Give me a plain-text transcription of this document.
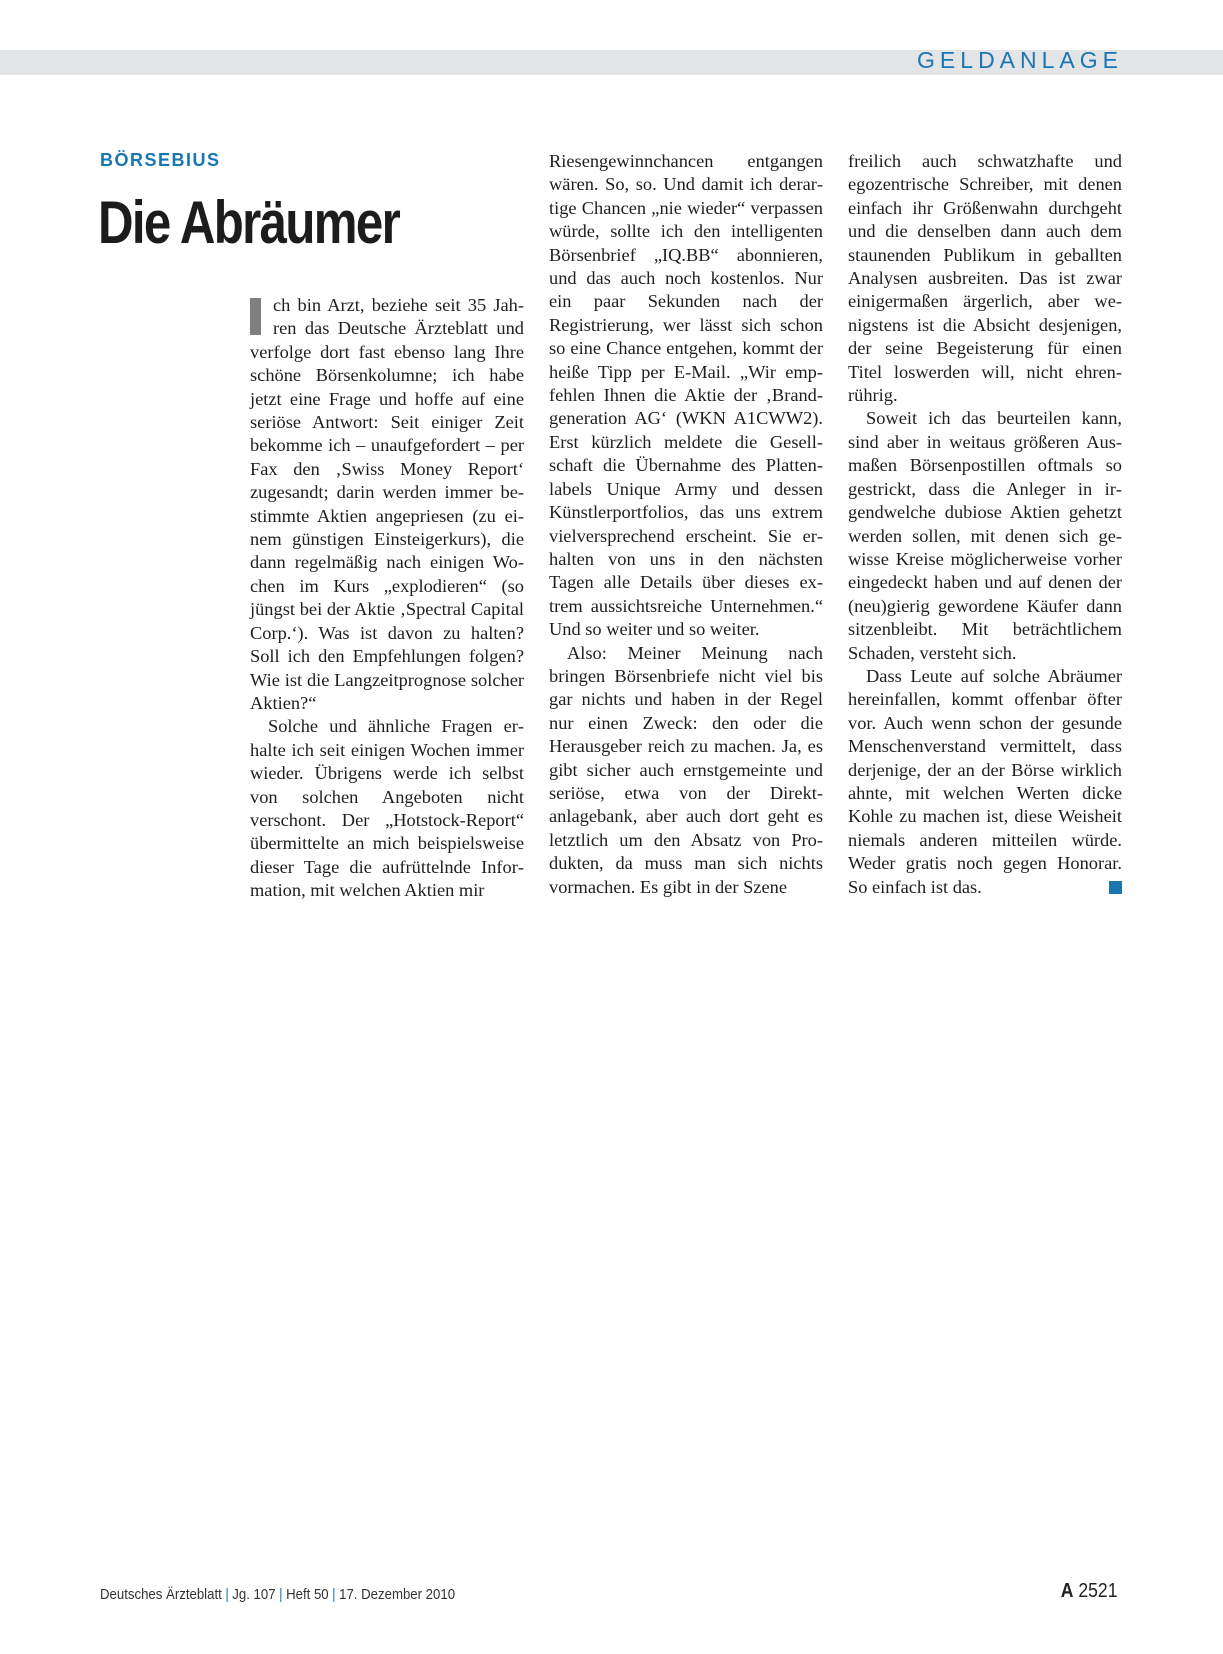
GELDANLAGE
BÖRSEBIUS
Die Abräumer

ch bin Arzt, beziehe seit 35 Jahren das Deutsche Ärzteblatt und verfolge dort fast ebenso lang Ihre schöne Börsenkolumne; ich habe jetzt eine Frage und hoffe auf eine seriöse Antwort: Seit einiger Zeit bekomme ich – unaufgefordert – per Fax den ‚Swiss Money Report‘ zugesandt; darin werden immer bestimmte Aktien angepriesen (zu einem günstigen Einsteigerkurs), die dann regelmäßig nach einigen Wochen im Kurs „explodieren“ (so jüngst bei der Aktie ‚Spectral Capital Corp.‘). Was ist davon zu halten? Soll ich den Empfehlungen folgen? Wie ist die Langzeitprognose solcher Aktien?“

Solche und ähnliche Fragen erhalte ich seit einigen Wochen immer wieder. Übrigens werde ich selbst von solchen Angeboten nicht verschont. Der „Hotstock-Report“ übermittelte an mich beispielsweise dieser Tage die aufrüttelnde Information, mit welchen Aktien mir

Riesengewinnchancen entgangen wären. So, so. Und damit ich derartige Chancen „nie wieder“ verpassen würde, sollte ich den intelligenten Börsenbrief „IQ.BB“ abonnieren, und das auch noch kostenlos. Nur ein paar Sekunden nach der Registrierung, wer lässt sich schon so eine Chance entgehen, kommt der heiße Tipp per E-Mail. „Wir empfehlen Ihnen die Aktie der ‚Brandgeneration AG‘ (WKN A1CWW2). Erst kürzlich meldete die Gesellschaft die Übernahme des Plattenlabels Unique Army und dessen Künstlerportfolios, das uns extrem vielversprechend erscheint. Sie erhalten von uns in den nächsten Tagen alle Details über dieses extrem aussichtsreiche Unternehmen.“ Und so weiter und so weiter.

Also: Meiner Meinung nach bringen Börsenbriefe nicht viel bis gar nichts und haben in der Regel nur einen Zweck: den oder die Herausgeber reich zu machen. Ja, es gibt sicher auch ernstgemeinte und seriöse, etwa von der Direktanlagebank, aber auch dort geht es letztlich um den Absatz von Produkten, da muss man sich nichts vormachen. Es gibt in der Szene

freilich auch schwatzhafte und egozentrische Schreiber, mit denen einfach ihr Größenwahn durchgeht und die denselben dann auch dem staunenden Publikum in geballten Analysen ausbreiten. Das ist zwar einigermaßen ärgerlich, aber wenigstens ist die Absicht desjenigen, der seine Begeisterung für einen Titel loswerden will, nicht ehrenrührig.

Soweit ich das beurteilen kann, sind aber in weitaus größeren Ausmaßen Börsenpostillen oftmals so gestrickt, dass die Anleger in irgendwelche dubiose Aktien gehetzt werden sollen, mit denen sich gewisse Kreise möglicherweise vorher eingedeckt haben und auf denen der (neu)gierig gewordene Käufer dann sitzenbleibt. Mit beträchtlichem Schaden, versteht sich.

Dass Leute auf solche Abräumer hereinfallen, kommt offenbar öfter vor. Auch wenn schon der gesunde Menschenverstand vermittelt, dass derjenige, der an der Börse wirklich ahnte, mit welchen Werten dicke Kohle zu machen ist, diese Weisheit niemals anderen mitteilen würde. Weder gratis noch gegen Honorar. So einfach ist das.

Deutsches Ärzteblatt | Jg. 107 | Heft 50 | 17. Dezember 2010	A 2521
